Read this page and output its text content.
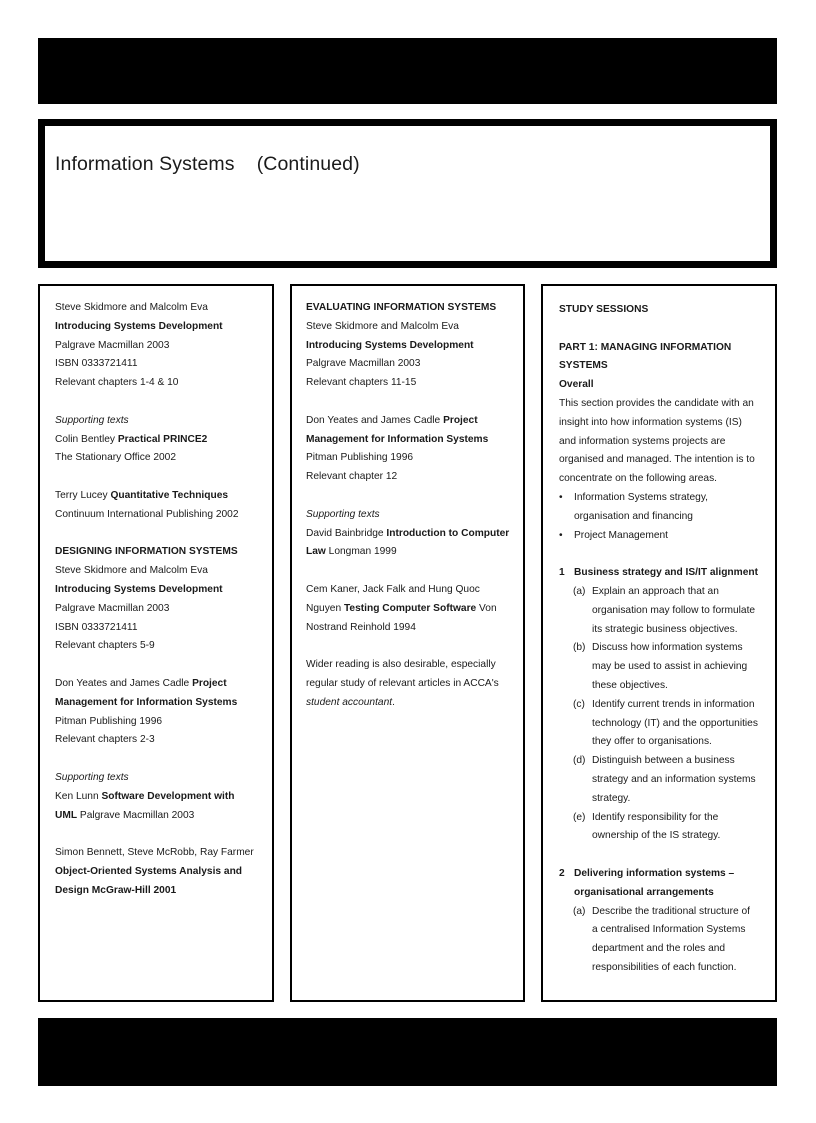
Information Systems    (Continued)
Steve Skidmore and Malcolm Eva
Introducing Systems Development
Palgrave Macmillan 2003
ISBN 0333721411
Relevant chapters 1-4 & 10
Supporting texts
Colin Bentley Practical PRINCE2
The Stationary Office 2002
Terry Lucey Quantitative Techniques
Continuum International Publishing 2002
DESIGNING INFORMATION SYSTEMS
Steve Skidmore and Malcolm Eva
Introducing Systems Development
Palgrave Macmillan 2003
ISBN 0333721411
Relevant chapters 5-9
Don Yeates and James Cadle Project
Management for Information Systems
Pitman Publishing 1996
Relevant chapters 2-3
Supporting texts
Ken Lunn Software Development with
UML Palgrave Macmillan 2003
Simon Bennett, Steve McRobb, Ray Farmer
Object-Oriented Systems Analysis and
Design McGraw-Hill 2001
EVALUATING INFORMATION SYSTEMS
Steve Skidmore and Malcolm Eva
Introducing Systems Development
Palgrave Macmillan 2003
Relevant chapters 11-15
Don Yeates and James Cadle Project
Management for Information Systems
Pitman Publishing 1996
Relevant chapter 12
Supporting texts
David Bainbridge Introduction to Computer
Law Longman 1999
Cem Kaner, Jack Falk and Hung Quoc
Nguyen Testing Computer Software Von
Nostrand Reinhold 1994
Wider reading is also desirable, especially
regular study of relevant articles in ACCA's
student accountant.
STUDY SESSIONS
PART 1: MANAGING INFORMATION
SYSTEMS
Overall
This section provides the candidate with an
insight into how information systems (IS)
and information systems projects are
organised and managed. The intention is to
concentrate on the following areas.
•	Information Systems strategy,
organisation and financing
•	Project Management
1 Business strategy and IS/IT alignment
(a) Explain an approach that an
organisation may follow to formulate
its strategic business objectives.
(b) Discuss how information systems
may be used to assist in achieving
these objectives.
(c) Identify current trends in information
technology (IT) and the opportunities
they offer to organisations.
(d) Distinguish between a business
strategy and an information systems
strategy.
(e) Identify responsibility for the
ownership of the IS strategy.
2 Delivering information systems –
organisational arrangements
(a) Describe the traditional structure of
a centralised Information Systems
department and the roles and
responsibilities of each function.
